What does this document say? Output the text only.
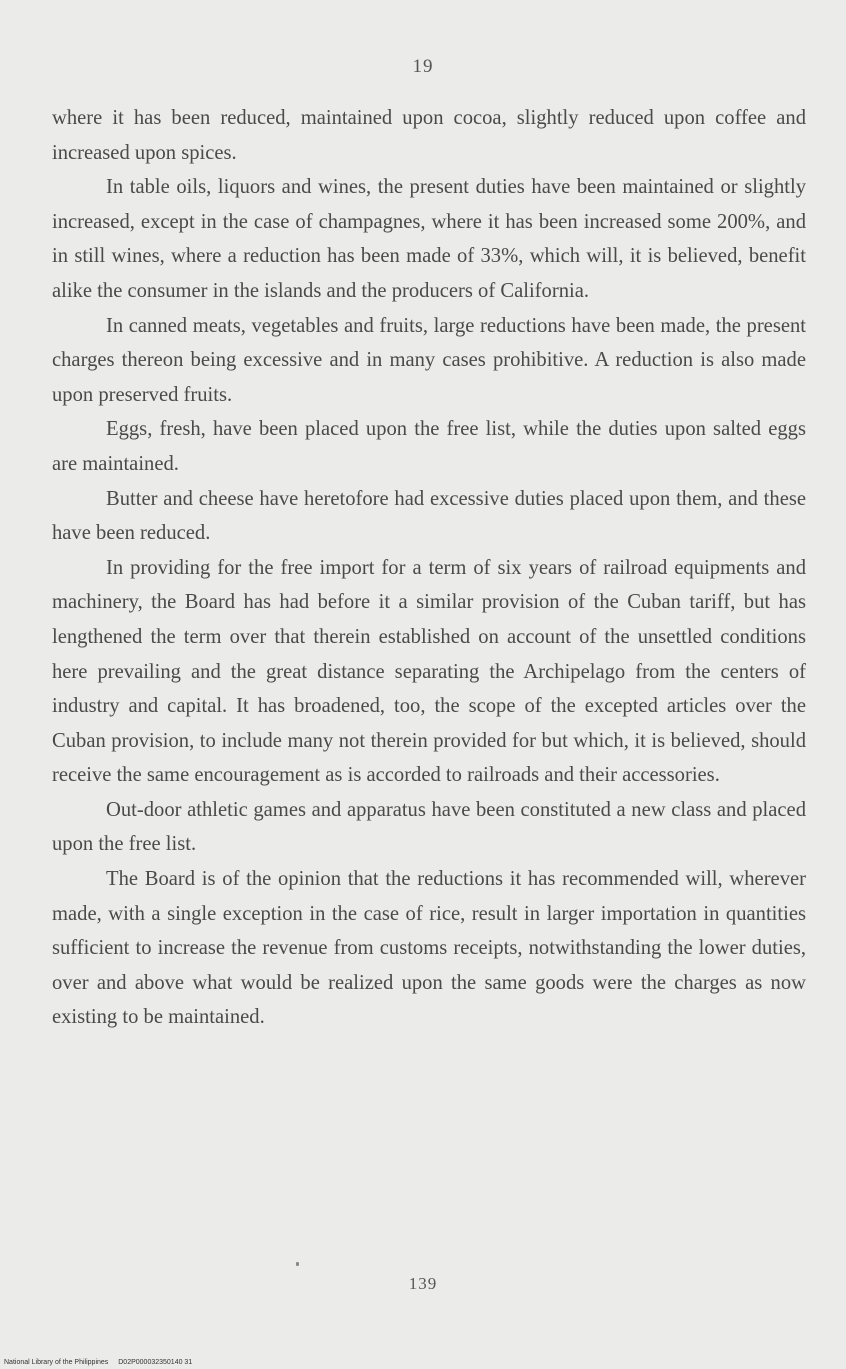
19

where it has been reduced, maintained upon cocoa, slightly reduced upon coffee and increased upon spices.

In table oils, liquors and wines, the present duties have been maintained or slightly increased, except in the case of champagnes, where it has been increased some 200%, and in still wines, where a reduction has been made of 33%, which will, it is believed, benefit alike the consumer in the islands and the producers of California.

In canned meats, vegetables and fruits, large reductions have been made, the present charges thereon being excessive and in many cases prohibitive. A reduction is also made upon preserved fruits.

Eggs, fresh, have been placed upon the free list, while the duties upon salted eggs are maintained.

Butter and cheese have heretofore had excessive duties placed upon them, and these have been reduced.

In providing for the free import for a term of six years of railroad equipments and machinery, the Board has had before it a similar provision of the Cuban tariff, but has lengthened the term over that therein established on account of the unsettled conditions here prevailing and the great distance separating the Archipelago from the centers of industry and capital. It has broadened, too, the scope of the excepted articles over the Cuban provision, to include many not therein provided for but which, it is believed, should receive the same encouragement as is accorded to railroads and their accessories.

Out-door athletic games and apparatus have been constituted a new class and placed upon the free list.

The Board is of the opinion that the reductions it has recommended will, wherever made, with a single exception in the case of rice, result in larger importation in quantities sufficient to increase the revenue from customs receipts, notwithstanding the lower duties, over and above what would be realized upon the same goods were the charges as now existing to be maintained.

139
National Library of the Philippines D02P000032350140 31
